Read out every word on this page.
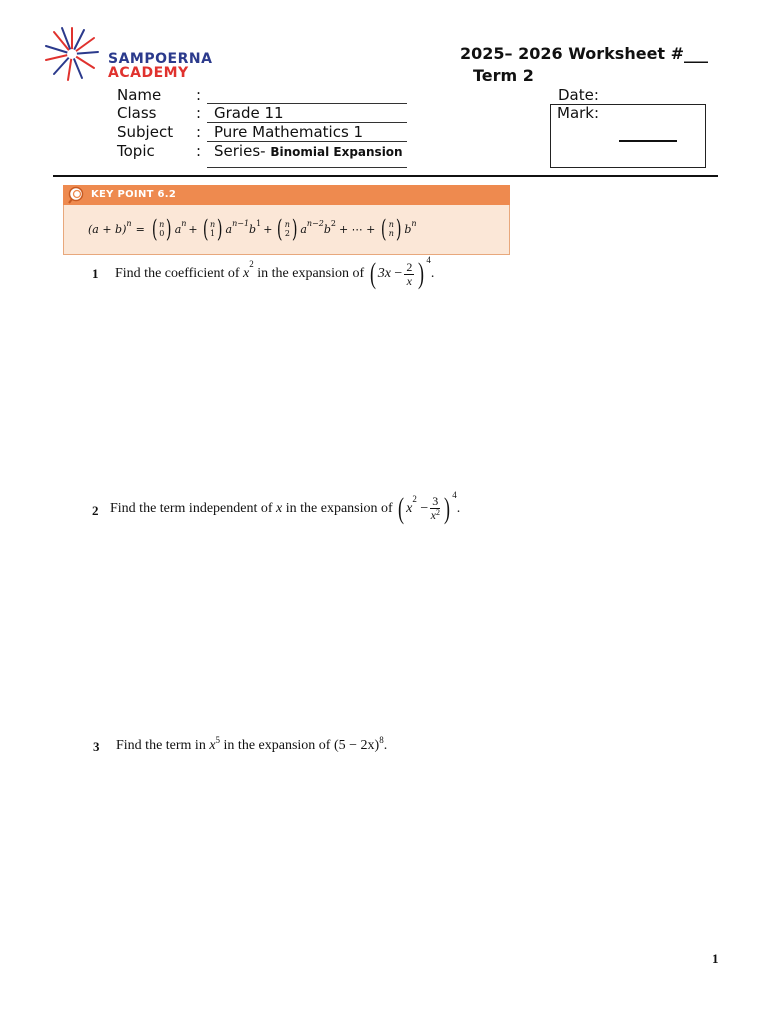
SAMPOERNA
ACADEMY
2025– 2026 Worksheet #___
Term 2
Name :
Class	: Grade 11
Subject : Pure Mathematics 1
Topic	: Series- Binomial Expansion
Date:
Mark:
KEY POINT 6.2
(a + b) n = ( n
0 ) a n + ( n
1 ) a n−1 b 1 + ( n
2 ) a n−2 b 2 + ⋯ + ( n
n ) b n
1 Find the coefficient of
x
2

in the expansion of
( 3x
− $\frac{2}{x}$ ) 4
.
2 Find the term independent of
x
in the expansion of
( x
2

− $\frac{3}{x^2}$ ) 4
.
3 Find the term in
x 5
in the expansion of
(5 − 2x) 8 .
1
